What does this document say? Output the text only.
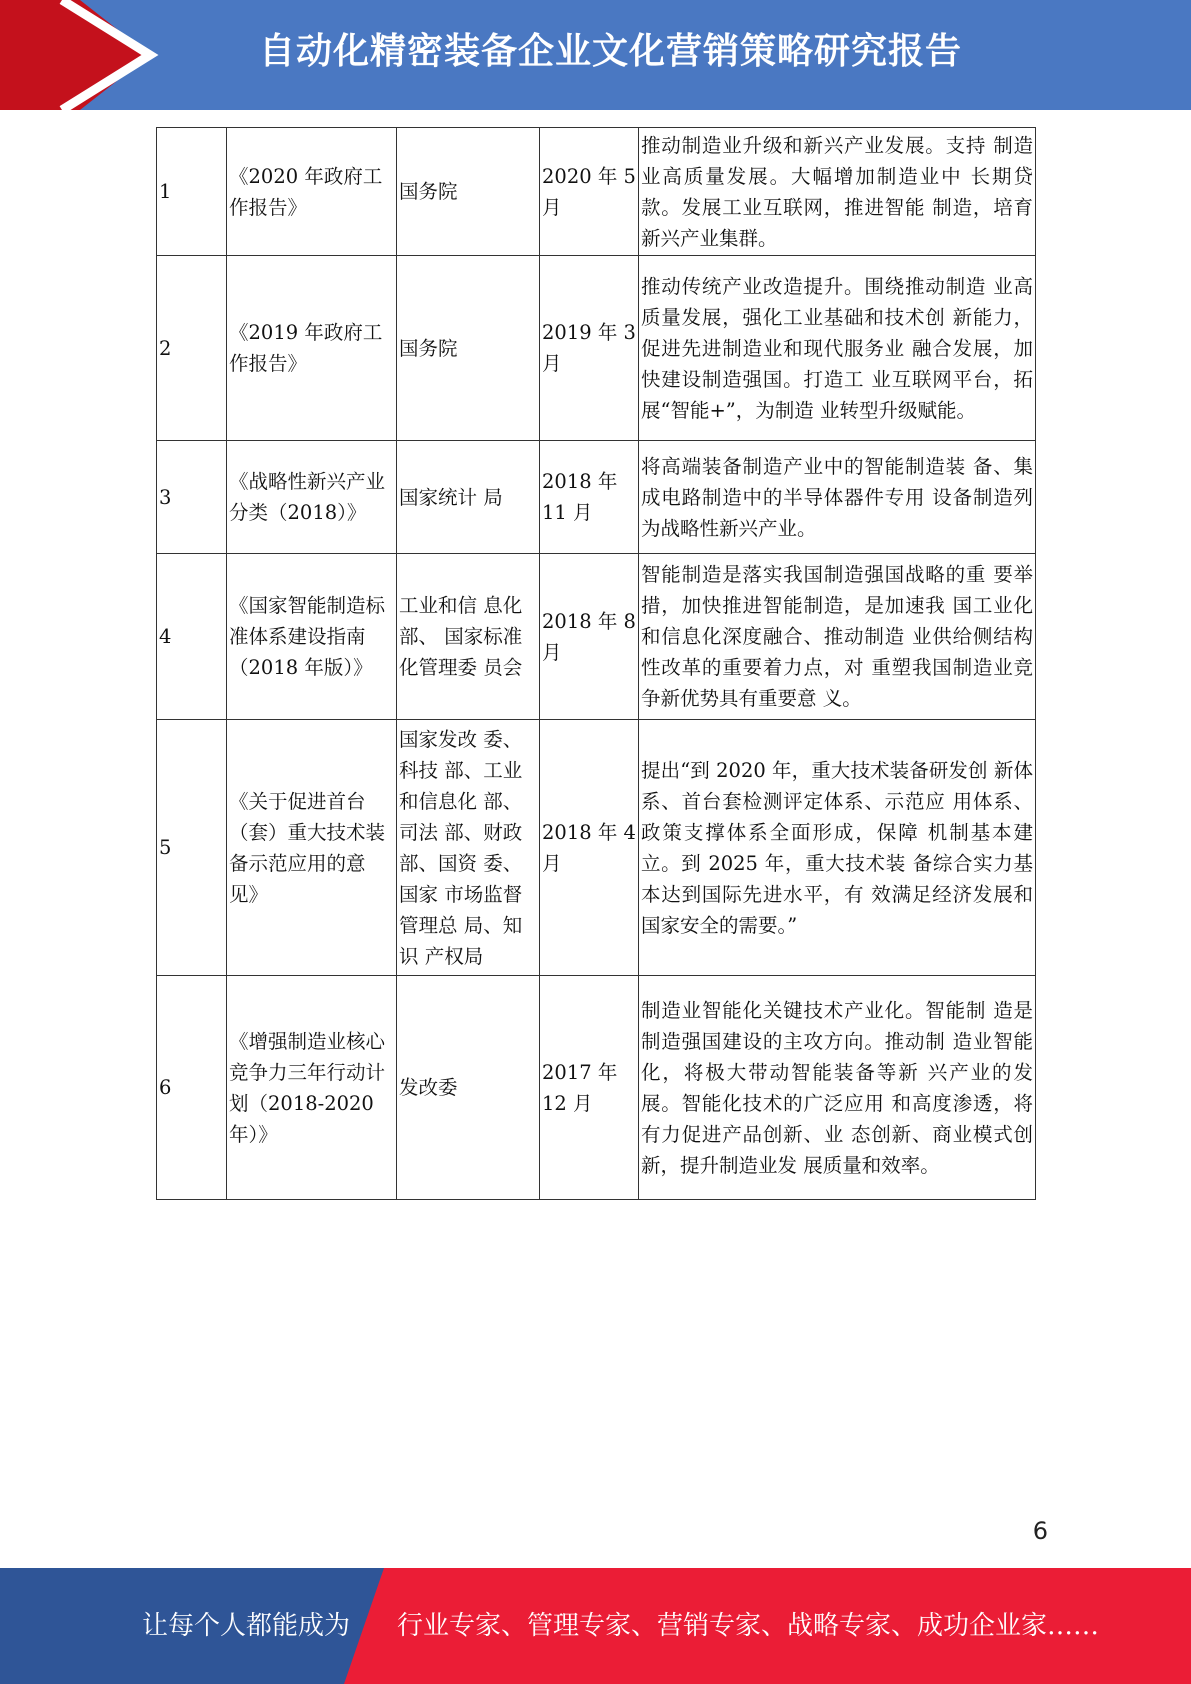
自动化精密装备企业文化营销策略研究报告
1	《2020 年政府工作报告》	国务院	2020 年 5 月	推动制造业升级和新兴产业发展。支持 制造业高质量发展。大幅增加制造业中 长期贷款。发展工业互联网，推进智能 制造，培育新兴产业集群。
2	《2019 年政府工作报告》	国务院	2019 年 3 月	推动传统产业改造提升。围绕推动制造 业高质量发展，强化工业基础和技术创 新能力，促进先进制造业和现代服务业 融合发展，加快建设制造强国。打造工 业互联网平台，拓展“智能+”，为制造 业转型升级赋能。
3	《战略性新兴产业分类（2018）》	国家统计 局	2018 年 11 月	将高端装备制造产业中的智能制造装 备、集成电路制造中的半导体器件专用 设备制造列为战略性新兴产业。
4	《国家智能制造标准体系建设指南（2018 年版）》	工业和信 息化部、 国家标准化管理委 员会	2018 年 8 月	智能制造是落实我国制造强国战略的重 要举措，加快推进智能制造，是加速我 国工业化和信息化深度融合、推动制造 业供给侧结构性改革的重要着力点，对 重塑我国制造业竞争新优势具有重要意 义。
5	《关于促进首台（套）重大技术装备示范应用的意见》	国家发改 委、科技 部、工业和信息化 部、司法 部、财政部、国资 委、国家 市场监督管理总 局、知识 产权局	2018 年 4 月	提出“到 2020 年，重大技术装备研发创 新体系、首台套检测评定体系、示范应 用体系、政策支撑体系全面形成，保障 机制基本建立。到 2025 年，重大技术装 备综合实力基本达到国际先进水平，有 效满足经济发展和国家安全的需要。”
6	《增强制造业核心竞争力三年行动计划（2018-2020 年）》	发改委	2017 年 12 月	制造业智能化关键技术产业化。智能制 造是制造强国建设的主攻方向。推动制 造业智能化，将极大带动智能装备等新 兴产业的发展。智能化技术的广泛应用 和高度渗透，将有力促进产品创新、业 态创新、商业模式创新，提升制造业发 展质量和效率。
6
让每个人都能成为 行业专家、管理专家、营销专家、战略专家、成功企业家……
